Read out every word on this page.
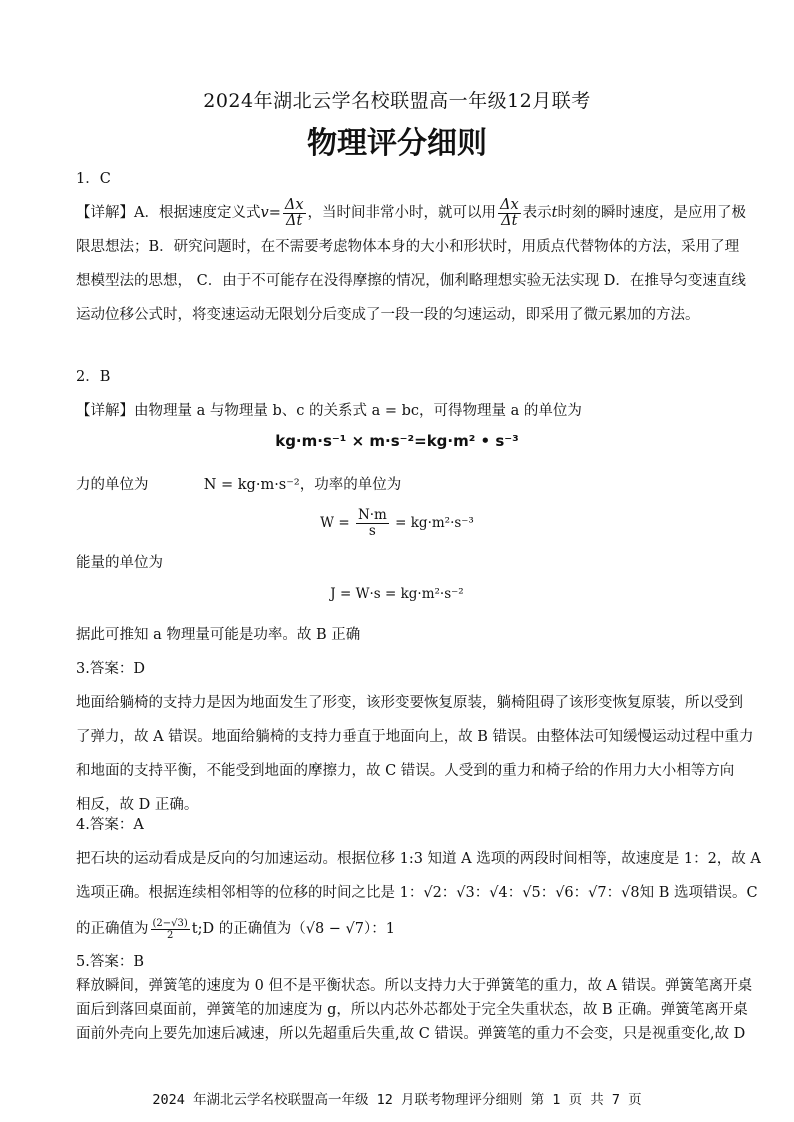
2024年湖北云学名校联盟高一年级12月联考
物理评分细则
1．C
【详解】A．根据速度定义式$v= \frac{\Delta x}{\Delta t}$ ，当时间非常小时，就可以用 $\frac{\Delta x}{\Delta t}$ 表示t时刻的瞬时速度，是应用了极
限思想法；B．研究问题时，在不需要考虑物体本身的大小和形状时，用质点代替物体的方法，采用了理
想模型法的思想， C．由于不可能存在没得摩擦的情况，伽利略理想实验无法实现 D．在推导匀变速直线
运动位移公式时，将变速运动无限划分后变成了一段一段的匀速运动，即采用了微元累加的方法。
2．B
【详解】由物理量 a 与物理量 b、c 的关系式 a = bc，可得物理量 a 的单位为
kg·m·s⁻¹ × m·s⁻²=kg·m² • s⁻³
力的单位为	N = kg·m·s⁻²，功率的单位为
$W = \frac{N\cdot m}{s} = kg\cdot m^2\cdot s^{-3}$
能量的单位为
J = W·s = kg·m²·s⁻²
据此可推知 a 物理量可能是功率。故 B 正确
3.答案：D
地面给躺椅的支持力是因为地面发生了形变，该形变要恢复原装，躺椅阻碍了该形变恢复原装，所以受到
了弹力，故 A 错误。地面给躺椅的支持力垂直于地面向上，故 B 错误。由整体法可知缓慢运动过程中重力
和地面的支持平衡，不能受到地面的摩擦力，故 C 错误。人受到的重力和椅子给的作用力大小相等方向
相反，故 D 正确。
4.答案：A
把石块的运动看成是反向的匀加速运动。根据位移 1:3 知道 A 选项的两段时间相等，故速度是 1：2，故 A
选项正确。根据连续相邻相等的位移的时间之比是 1：√2：√3：√4：√5：√6：√7：√8知 B 选项错误。C
的正确值为 $\frac{(2-√3)}{2}$ t;D 的正确值为（√8 − √7）：1
5.答案：B
释放瞬间，弹簧笔的速度为 0 但不是平衡状态。所以支持力大于弹簧笔的重力，故 A 错误。弹簧笔离开桌
面后到落回桌面前，弹簧笔的加速度为 g，所以内芯外芯都处于完全失重状态，故 B 正确。弹簧笔离开桌
面前外壳向上要先加速后减速，所以先超重后失重,故 C 错误。弹簧笔的重力不会变，只是视重变化,故 D
2024 年湖北云学名校联盟高一年级 12 月联考物理评分细则 第 1 页 共 7 页
